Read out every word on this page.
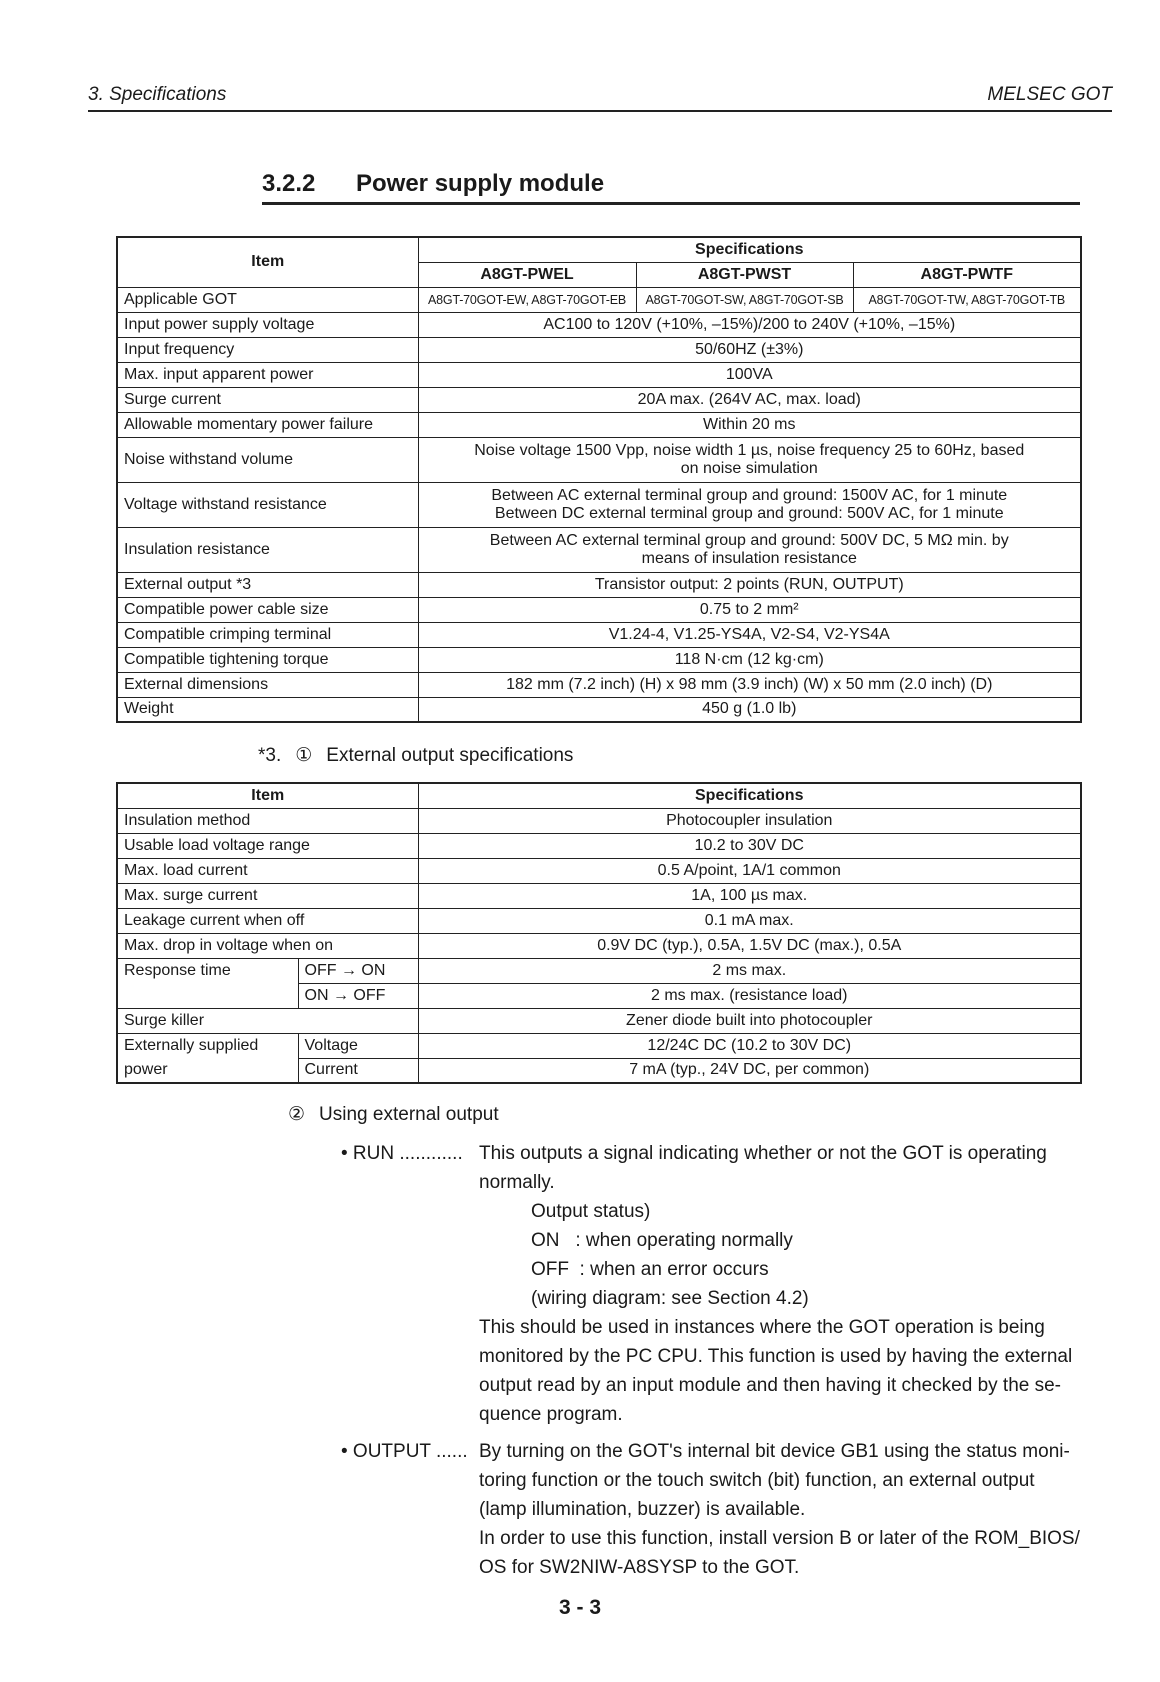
3. Specifications	MELSEC GOT
3.2.2 Power supply module
Item	Specifications		
	A8GT-PWEL	A8GT-PWST	A8GT-PWTF
Applicable GOT	A8GT-70GOT-EW, A8GT-70GOT-EB	A8GT-70GOT-SW, A8GT-70GOT-SB	A8GT-70GOT-TW, A8GT-70GOT-TB
Input power supply voltage	AC100 to 120V (+10%, –15%)/200 to 240V (+10%, –15%)		
Input frequency	50/60HZ (±3%)		
Max. input apparent power	100VA		
Surge current	20A max. (264V AC, max. load)		
Allowable momentary power failure	Within 20 ms		
Noise withstand volume	Noise voltage 1500 Vpp, noise width 1 µs, noise frequency 25 to 60Hz, based
on noise simulation		

Voltage withstand resistance	Between AC external terminal group and ground: 1500V AC, for 1 minute
Between DC external terminal group and ground: 500V AC, for 1 minute		

Insulation resistance	Between AC external terminal group and ground: 500V DC, 5 MΩ min. by
means of insulation resistance		

External output *3	Transistor output: 2 points (RUN, OUTPUT)		
Compatible power cable size	0.75 to 2 mm²		
Compatible crimping terminal	V1.24-4, V1.25-YS4A, V2-S4, V2-YS4A		
Compatible tightening torque	118 N·cm (12 kg·cm)		
External dimensions	182 mm (7.2 inch) (H) x 98 mm (3.9 inch) (W) x 50 mm (2.0 inch) (D)		
Weight	450 g (1.0 lb)		
*3. ① External output specifications
Item		Specifications
Insulation method		Photocoupler insulation
Usable load voltage range		10.2 to 30V DC
Max. load current		0.5 A/point, 1A/1 common
Max. surge current		1A, 100 µs max.
Leakage current when off		0.1 mA max.
Max. drop in voltage when on		0.9V DC (typ.), 0.5A, 1.5V DC (max.), 0.5A
Response time	OFF → ON	2 ms max.
	ON → OFF	2 ms max. (resistance load)
Surge killer		Zener diode built into photocoupler
Externally supplied	Voltage	12/24C DC (10.2 to 30V DC)
power	Current	7 mA (typ., 24V DC, per common)
② Using external output
• RUN ............ This outputs a signal indicating whether or not the GOT is operating

normally.

Output status)

ON   : when operating normally

OFF  : when an error occurs

(wiring diagram: see Section 4.2)

This should be used in instances where the GOT operation is being monitored by the PC CPU. This function is used by having the external output read by an input module and then having it checked by the se-quence program.

• OUTPUT ...... By turning on the GOT's internal bit device GB1 using the status moni-toring function or the touch switch (bit) function, an external output (lamp illumination, buzzer) is available.

In order to use this function, install version B or later of the ROM_BIOS/ OS for SW2NIW-A8SYSP to the GOT.

3 - 3
